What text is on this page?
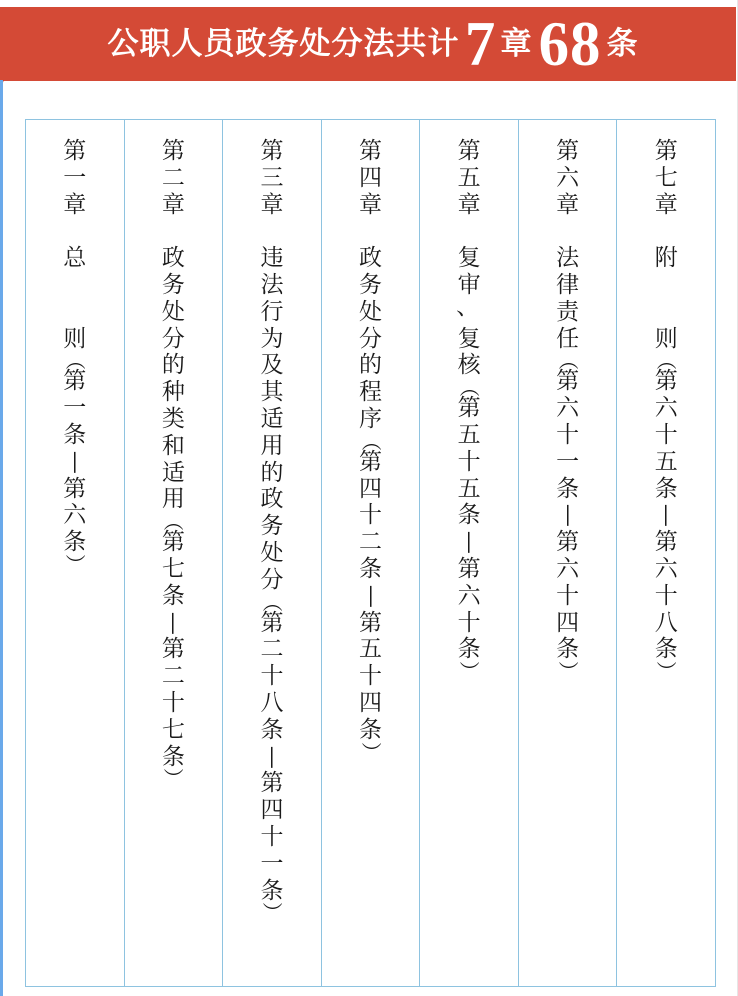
公职人员政务处分法共计 7 章 68 条
第
一
章

总

则
（
第
一
条
—
第
六
条
）
第
二
章

政
务
处
分
的
种
类
和
适
用
（
第
七
条
—
第
二
十
七
条
）
第
三
章

违
法
行
为
及
其
适
用
的
政
务
处
分
（
第
二
十
八
条
—
第
四
十
一
条
）
第
四
章

政
务
处
分
的
程
序
（
第
四
十
二
条
—
第
五
十
四
条
）
第
五
章

复
审
、
复
核
（
第
五
十
五
条
—
第
六
十
条
）
第
六
章

法
律
责
任
（
第
六
十
一
条
—
第
六
十
四
条
）
第
七
章

附

则
（
第
六
十
五
条
—
第
六
十
八
条
）
